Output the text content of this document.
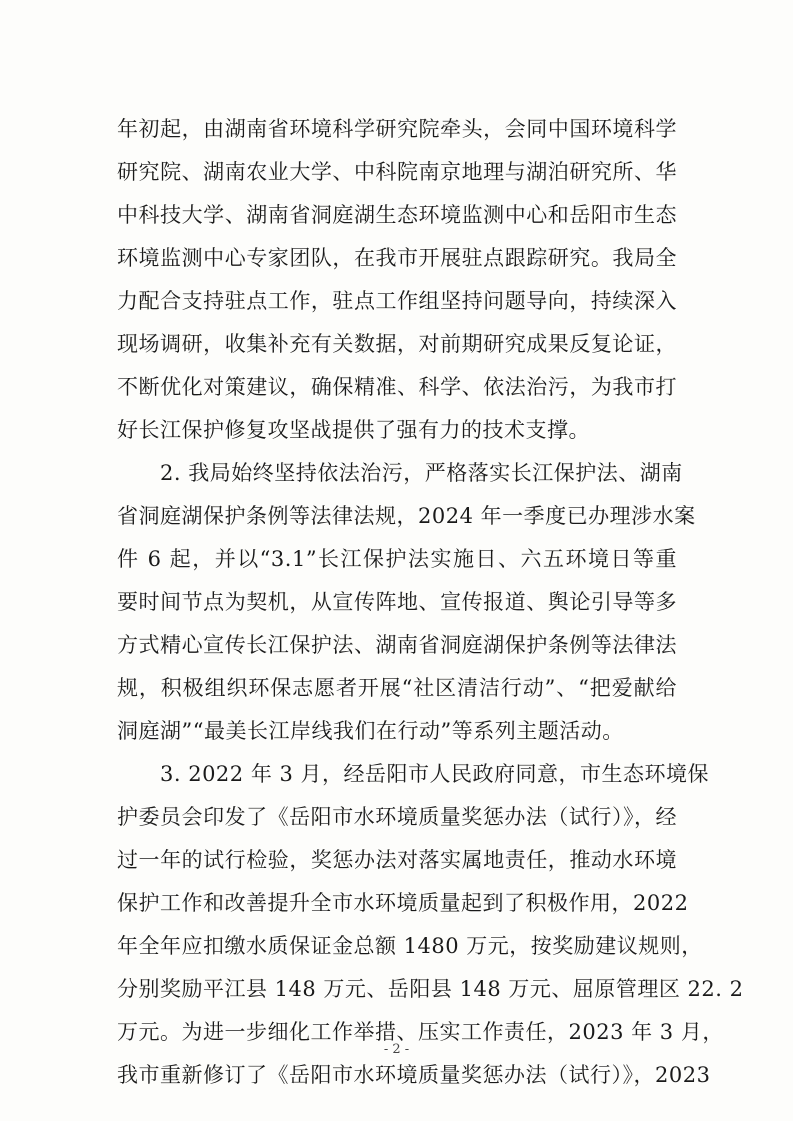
年初起，由湖南省环境科学研究院牵头，会同中国环境科学
研究院、湖南农业大学、中科院南京地理与湖泊研究所、华
中科技大学、湖南省洞庭湖生态环境监测中心和岳阳市生态
环境监测中心专家团队，在我市开展驻点跟踪研究。我局全
力配合支持驻点工作，驻点工作组坚持问题导向，持续深入
现场调研，收集补充有关数据，对前期研究成果反复论证，
不断优化对策建议，确保精准、科学、依法治污，为我市打
好长江保护修复攻坚战提供了强有力的技术支撑。
2. 我局始终坚持依法治污，严格落实长江保护法、湖南
省洞庭湖保护条例等法律法规，2024 年一季度已办理涉水案
件 6 起，并以“3.1”长江保护法实施日、六五环境日等重
要时间节点为契机，从宣传阵地、宣传报道、舆论引导等多
方式精心宣传长江保护法、湖南省洞庭湖保护条例等法律法
规，积极组织环保志愿者开展“社区清洁行动”、“把爱献给
洞庭湖”“最美长江岸线我们在行动”等系列主题活动。
3. 2022 年 3 月，经岳阳市人民政府同意，市生态环境保
护委员会印发了《岳阳市水环境质量奖惩办法（试行）》，经
过一年的试行检验，奖惩办法对落实属地责任，推动水环境
保护工作和改善提升全市水环境质量起到了积极作用，2022
年全年应扣缴水质保证金总额 1480 万元，按奖励建议规则，
分别奖励平江县 148 万元、岳阳县 148 万元、屈原管理区 22. 2
万元。为进一步细化工作举措、压实工作责任，2023 年 3 月，
我市重新修订了《岳阳市水环境质量奖惩办法（试行）》，2023
- 2 -
